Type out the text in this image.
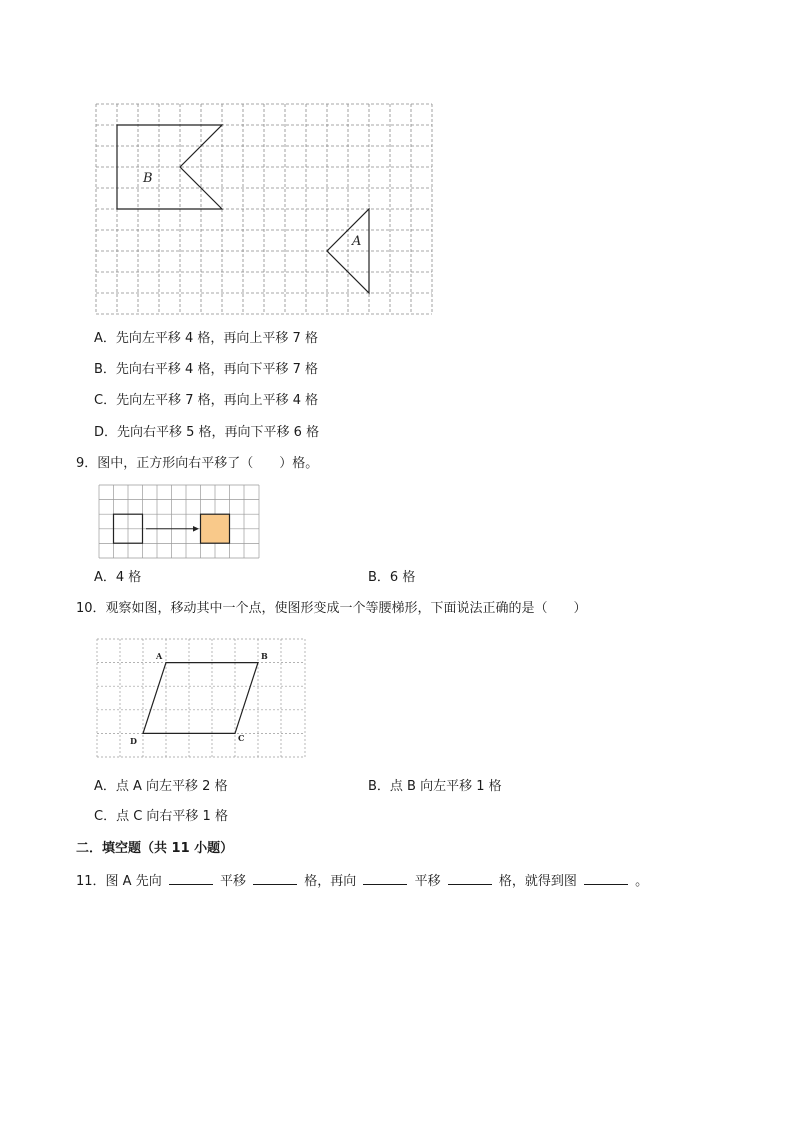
B
A
A．先向左平移 4 格，再向上平移 7 格
B．先向右平移 4 格，再向下平移 7 格
C．先向左平移 7 格，再向上平移 4 格
D．先向右平移 5 格，再向下平移 6 格
9．图中，正方形向右平移了（　　）格。
A．4 格	B．6 格
10．观察如图，移动其中一个点，使图形变成一个等腰梯形，下面说法正确的是（　　）
A	B
C
D
A．点 A 向左平移 2 格	B．点 B 向左平移 1 格
C．点 C 向右平移 1 格
二．填空题（共 11 小题）
11．图 A 先向	平移	格，再向	平移	格，就得到图	。
